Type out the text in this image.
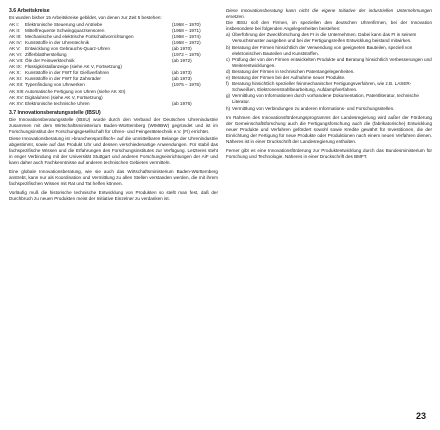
3.6 Arbeitskreise

Es wurden bisher 15 Arbeitskreise gebildet, von denen zur Zeit 5 bestehen:

AK I:	Elektronische Steuerung und Antriebe	(1968 – 1970)
AK II:	Mittelfrequente Schwingquarzsensoren	(1968 – 1971)
AK III: Mechanische und elektrische Fortschaltvorrichtungen	(1968 – 1974)
AK IV: Kunststoffe in der Uhrentechnik	(1968 – 1972)
AK V: Entwicklung von Gebrauchs-Quarz-Uhren	(ab 1970)
AK VI: Zifferblattherstellung	(1972 – 1975)
AK VII: Öle der Feinwerktechnik	(ab 1972)
AK IX: Flüssigkristallanzeige (siehe AK V, Fortsetzung)
AK X: Kunststoffe in der FWT für Gießverfahren	(ab 1973)
AK XI: Kunststoffe in der FWT für Zahnräder	(ab 1973)
AK XII: Typenfindung von Uhrwerken	(1975 – 1976)
AK XIII: Automatische Fertigung von Uhren (siehe AK XII)
AK XV: Digitaluhren (siehe AK V, Fortsetzung)
AK XV: Elektronische technische Uhren	(ab 1976)
3.7 Innovationsberatungsstelle (IBSU)

Die Innovationsberatungsstelle (IBSU) wurde durch den Verband der Deutschen Uhrenindustrie zusammen mit dem Wirtschaftsministerium Baden-Württemberg (WIMIBW) gegründet und ist im Forschungsinstitut der Forschungsgesellschaft für Uhren- und Feingerätetechnik e.V. (FI) errichtet.

Diese Innovationsberatung ist »branchenspezifisch« auf die unmittelbaren Belange der Uhrenindustrie abgestimmt, sowie auf das Produkt Uhr und dessen verschiedenartige Anwendungen. Für stabil das fachspezifische Wissen und die Erfahrungen des Forschungsinstitutes zur Verfügung. Letzteres steht in enger Verbindung mit der Universität Stuttgart und anderen Forschungseinrichtungen der AiF und kann daher auch Fachkenntnisse auf anderen technischen Gebieten vermitteln.

Eine globale Innovationsberatung, wie sie auch das Wirtschaftsministerium Baden-Württemberg anstrebt, kann nur als Koordination und Vermittlung zu allen Stellen verstanden werden, die mit ihrem fachspezifischen Wissen mit Rat und Tat helfen können.

Vorläufig muß die historische technische Entwicklung von Produkten so stellt man fest, daß der Durchbruch zu neuen Produkten meist der Initiative Einzelner zu verdanken ist.

Diese Innovationsberatung kann nicht die eigene Initiative der industriellen Unternehmungen ersetzen.

Die IBSU soll den Firmen, im speziellen den deutschen Uhrenfirmen, bei der Innovation insbesondere bei folgenden Angelegenheiten beistehen:

a) Überführung der Zweckforschung des FI in die Unternehmen. Dabei kann das FI in seinem Versuchsmuster ausgeben und bei der Fertigungsreifen Entwicklung beistand mitwirken.
b) Beratung der Firmen hinsichtlich der Verwendung von geeigneten Bauteilen, speziell von elektronischen Bauteilen und Kunststoffen.
c) Prüfung der von den Firmen entwickelten Produkte und Beratung hinsichtlich Verbesserungen und Weiterentwicklungen.
d) Beratung der Firmen in technischen Patentangelegenheiten.
e) Beratung der Firmen bei der Aufnahme neuer Produkte.
f) Beratung hinsichtlich spezieller feinmechanischer Fertigungsverfahren, wie z.B. LASER-Schweißen, Elektronenstrahlbearbeitung, Aufdampfverfahren.
g) Vermittlung von Informationen durch vorhandene Dokumentation, Patentliteratur, technische Literatur.
h) Vermittlung von Verbindungen zu anderen Informations- und Forschungsstellen.

Im Rahmen des Innovationsförderungsprogramms der Landesregierung wird außer der Förderung der Gemeinschaftsforschung auch die Fertigungsforschung auch die (fabrikatorische) Entwicklung neuer Produkte und Verfahren gefördert sowohl sowie Kredite gewährt für Investitionen, die der Einrichtung der Fertigung für neue Produkte oder Produktionen nach einem neuen Verfahren dienen. Näheres ist in einer Druckschrift der Landesregierung enthalten.

Ferner gibt es eine Innovationsförderung zur Produktentwicklung durch das Bundesministerium für Forschung und Technologie. Näheres in einer Druckschrift des BMFT.

23
